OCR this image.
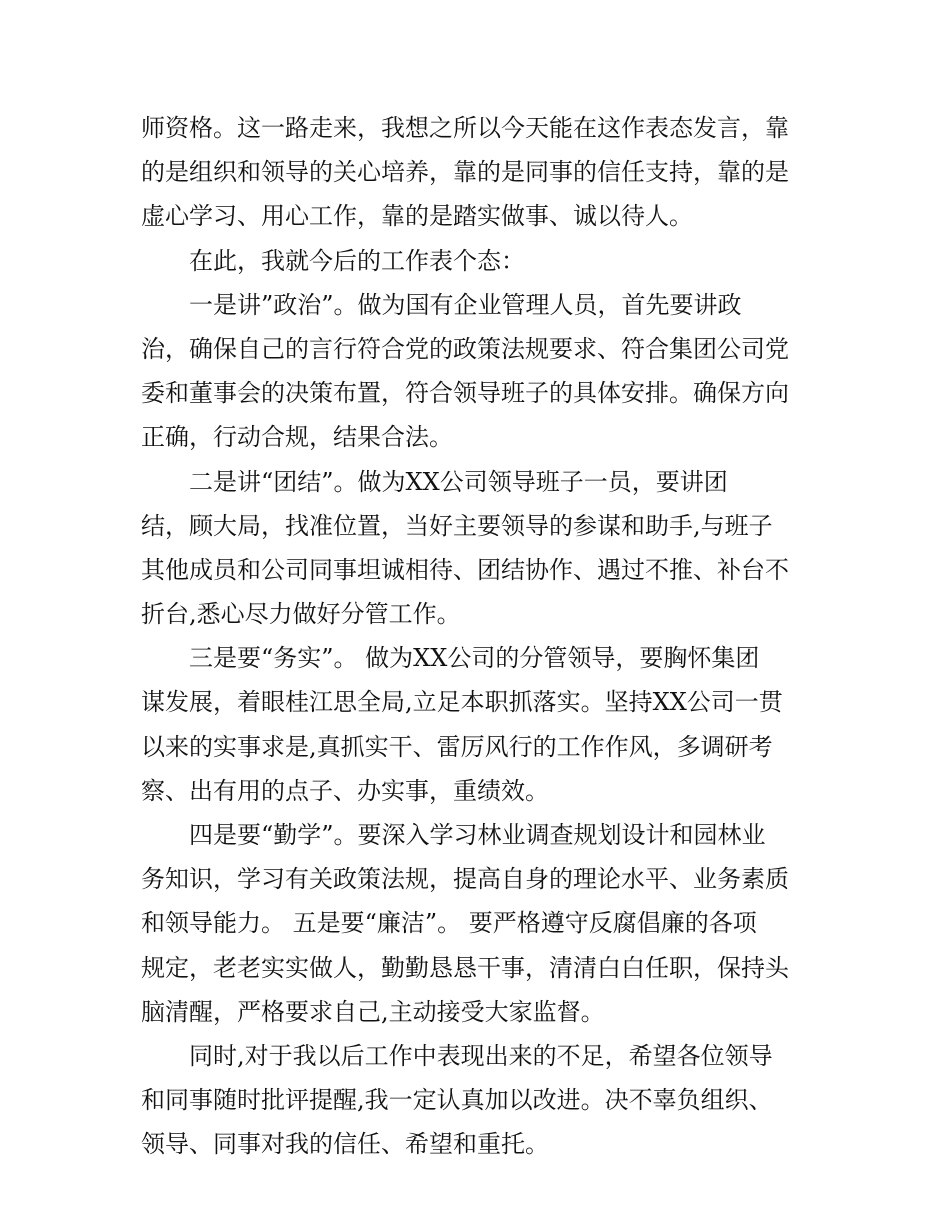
师资格。这一路走来，我想之所以今天能在这作表态发言，靠
的是组织和领导的关心培养，靠的是同事的信任支持，靠的是
虚心学习、用心工作，靠的是踏实做事、诚以待人。
在此，我就今后的工作表个态：
一是讲”政治”。做为国有企业管理人员，首先要讲政
治，确保自己的言行符合党的政策法规要求、符合集团公司党
委和董事会的决策布置，符合领导班子的具体安排。确保方向
正确，行动合规，结果合法。
二是讲“团结”。做为XX公司领导班子一员，要讲团
结，顾大局，找准位置，当好主要领导的参谋和助手,与班子
其他成员和公司同事坦诚相待、团结协作、遇过不推、补台不
折台,悉心尽力做好分管工作。
三是要“务实”。 做为XX公司的分管领导，要胸怀集团
谋发展，着眼桂江思全局,立足本职抓落实。坚持XX公司一贯
以来的实事求是,真抓实干、雷厉风行的工作作风，多调研考
察、出有用的点子、办实事，重绩效。
四是要“勤学”。要深入学习林业调查规划设计和园林业
务知识，学习有关政策法规，提高自身的理论水平、业务素质
和领导能力。 五是要“廉洁”。 要严格遵守反腐倡廉的各项
规定，老老实实做人，勤勤恳恳干事，清清白白任职，保持头
脑清醒，严格要求自己,主动接受大家监督。
同时,对于我以后工作中表现出来的不足，希望各位领导
和同事随时批评提醒,我一定认真加以改进。决不辜负组织、
领导、同事对我的信任、希望和重托。
